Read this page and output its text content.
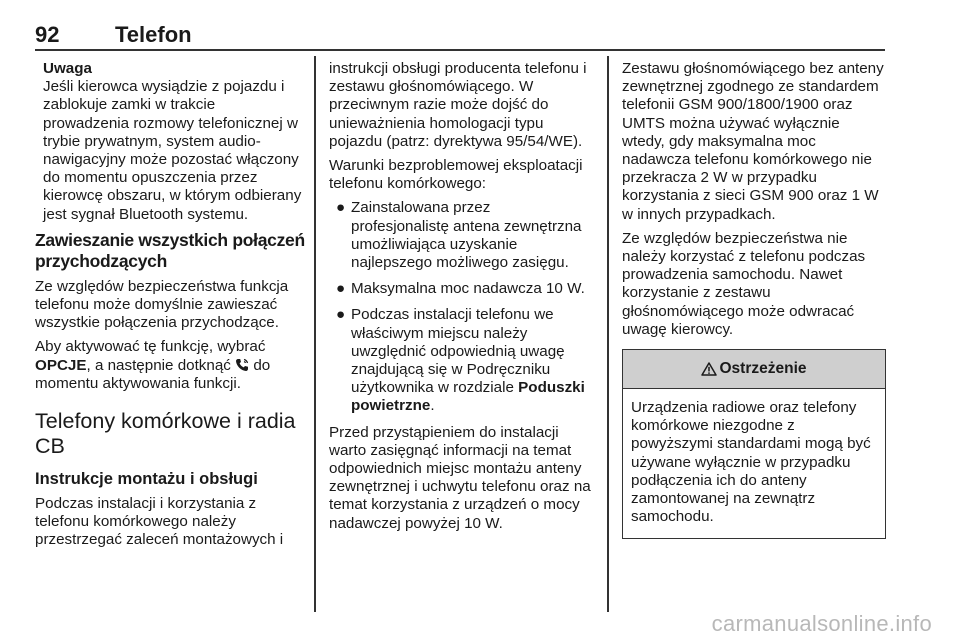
92	Telefon
Uwaga
Jeśli kierowca wysiądzie z pojazdu i zablokuje zamki w trakcie prowadzenia rozmowy telefonicznej w trybie prywatnym, system audio-nawigacyjny może pozostać włączony do momentu opuszczenia przez kierowcę obszaru, w którym odbierany jest sygnał Bluetooth systemu.
Zawieszanie wszystkich połączeń przychodzących

Ze względów bezpieczeństwa funkcja telefonu może domyślnie zawieszać wszystkie połączenia przychodzące.

Aby aktywować tę funkcję, wybrać OPCJE, a następnie dotknąć do momentu aktywowania funkcji.

Telefony komórkowe i radia CB
Instrukcje montażu i obsługi

Podczas instalacji i korzystania z telefonu komórkowego należy przestrzegać zaleceń montażowych i

instrukcji obsługi producenta telefonu i zestawu głośnomówiącego. W przeciwnym razie może dojść do unieważnienia homologacji typu pojazdu (patrz: dyrektywa 95/54/WE).

Warunki bezproblemowej eksploatacji telefonu komórkowego:

● Zainstalowana przez profesjonalistę antena zewnętrzna umożliwiająca uzyskanie najlepszego możliwego zasięgu.
● Maksymalna moc nadawcza 10 W.
● Podczas instalacji telefonu we właściwym miejscu należy uwzględnić odpowiednią uwagę znajdującą się w Podręczniku użytkownika w rozdziale Poduszki powietrzne.

Przed przystąpieniem do instalacji warto zasięgnąć informacji na temat odpowiednich miejsc montażu anteny zewnętrznej i uchwytu telefonu oraz na temat korzystania z urządzeń o mocy nadawczej powyżej 10 W.

Zestawu głośnomówiącego bez anteny zewnętrznej zgodnego ze standardem telefonii GSM 900/1800/1900 oraz UMTS można używać wyłącznie wtedy, gdy maksymalna moc nadawcza telefonu komórkowego nie przekracza 2 W w przypadku korzystania z sieci GSM 900 oraz 1 W w innych przypadkach.

Ze względów bezpieczeństwa nie należy korzystać z telefonu podczas prowadzenia samochodu. Nawet korzystanie z zestawu głośnomówiącego może odwracać uwagę kierowcy.

Ostrzeżenie
Urządzenia radiowe oraz telefony komórkowe niezgodne z powyższymi standardami mogą być używane wyłącznie w przypadku podłączenia ich do anteny zamontowanej na zewnątrz samochodu.
carmanualsonline.info
